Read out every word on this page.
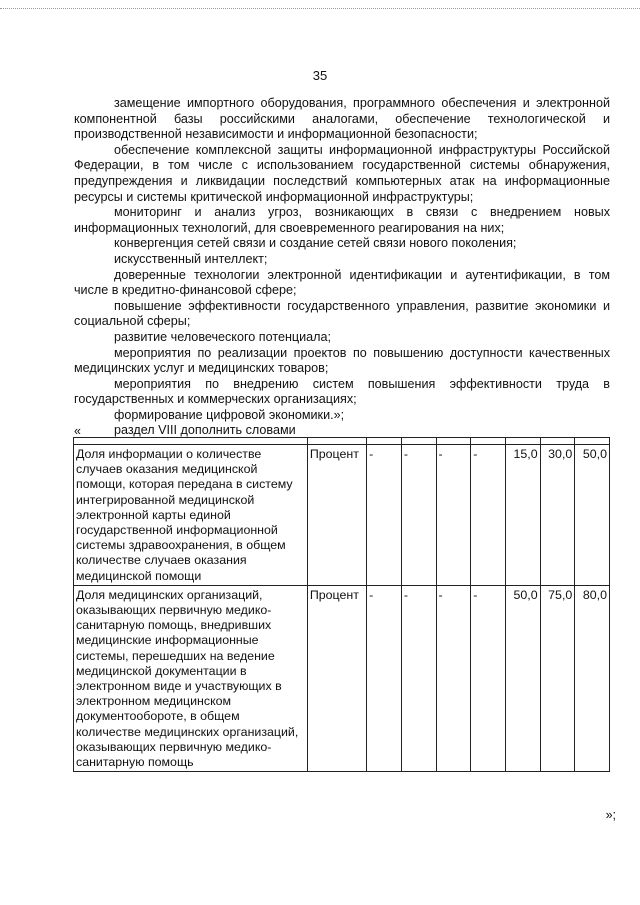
35

замещение импортного оборудования, программного обеспечения и электронной компонентной базы российскими аналогами, обеспечение технологической и производственной независимости и информационной безопасности;

обеспечение комплексной защиты информационной инфраструктуры Российской Федерации, в том числе с использованием государственной системы обнаружения, предупреждения и ликвидации последствий компьютерных атак на информационные ресурсы и системы критической информационной инфраструктуры;

мониторинг и анализ угроз, возникающих в связи с внедрением новых информационных технологий, для своевременного реагирования на них;

конвергенция сетей связи и создание сетей связи нового поколения;

искусственный интеллект;

доверенные технологии электронной идентификации и аутентификации, в том числе в кредитно-финансовой сфере;

повышение эффективности государственного управления, развитие экономики и социальной сферы;

развитие человеческого потенциала;

мероприятия по реализации проектов по повышению доступности качественных медицинских услуг и медицинских товаров;

мероприятия по внедрению систем повышения эффективности труда в государственных и коммерческих организациях;

формирование цифровой экономики.»;

раздел VIII дополнить словами

«

Доля информации о количестве случаев оказания медицинской помощи, которая передана в систему интегрированной медицинской электронной карты единой государственной информационной системы здравоохранения, в общем количестве случаев оказания медицинской помощи	Процент	-	-	-	-	15,0	30,0	50,0
Доля медицинских организаций, оказывающих первичную медико-санитарную помощь, внедривших медицинские информационные системы, перешедших на ведение медицинской документации в электронном виде и участвующих в электронном медицинском документообороте, в общем количестве медицинских организаций, оказывающих первичную медико-санитарную помощь	Процент	-	-	-	-	50,0	75,0	80,0
»;
